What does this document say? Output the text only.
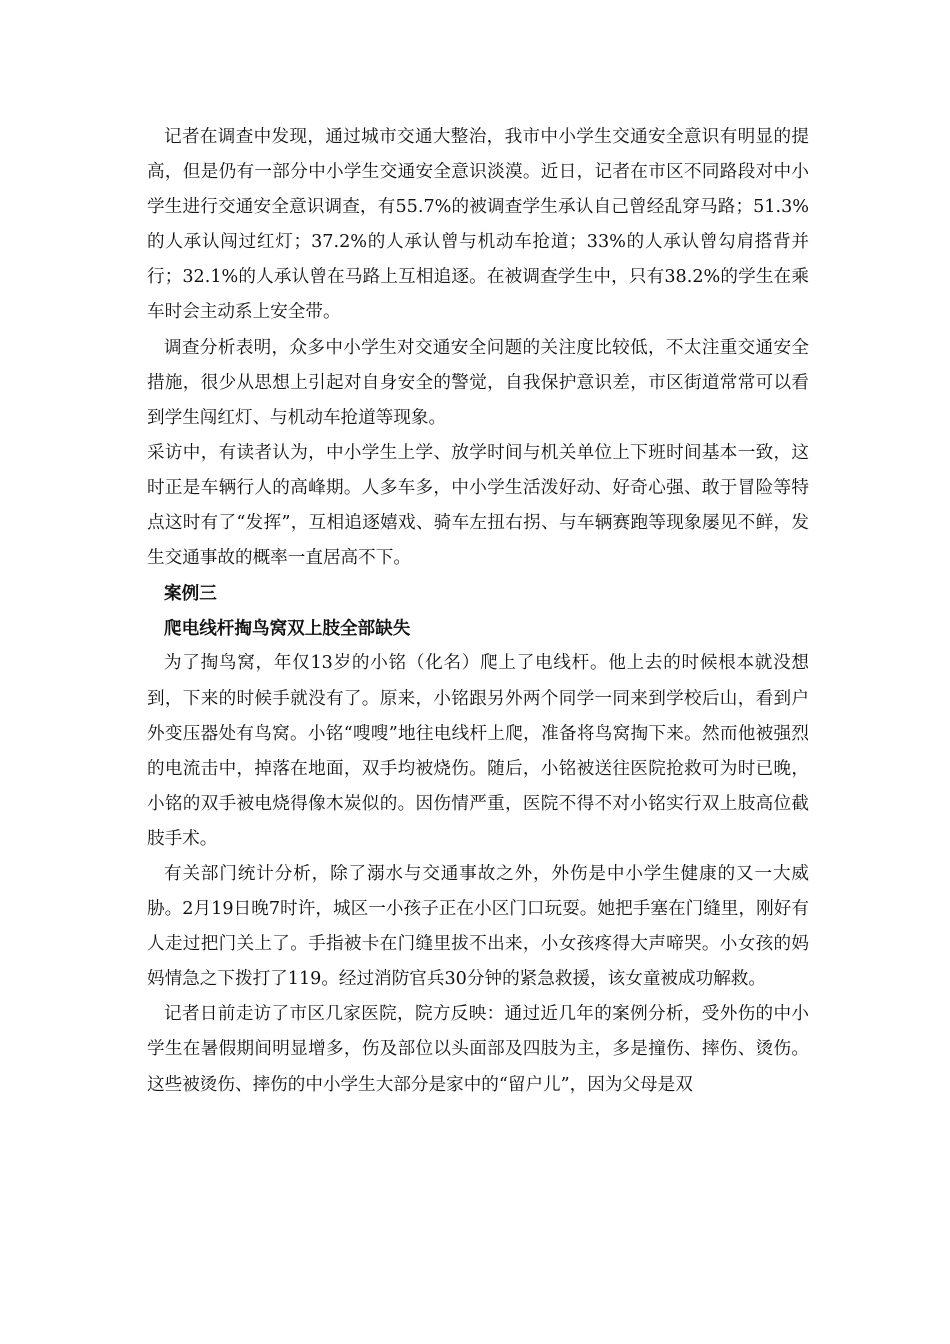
记者在调查中发现，通过城市交通大整治，我市中小学生交通安全意识有明显的提高，但是仍有一部分中小学生交通安全意识淡漠。近日，记者在市区不同路段对中小学生进行交通安全意识调查，有55.7%的被调查学生承认自己曾经乱穿马路；51.3%的人承认闯过红灯；37.2%的人承认曾与机动车抢道；33%的人承认曾勾肩搭背并行；32.1%的人承认曾在马路上互相追逐。在被调查学生中，只有38.2%的学生在乘车时会主动系上安全带。

调查分析表明，众多中小学生对交通安全问题的关注度比较低，不太注重交通安全措施，很少从思想上引起对自身安全的警觉，自我保护意识差，市区街道常常可以看到学生闯红灯、与机动车抢道等现象。

采访中，有读者认为，中小学生上学、放学时间与机关单位上下班时间基本一致，这时正是车辆行人的高峰期。人多车多，中小学生活泼好动、好奇心强、敢于冒险等特点这时有了“发挥”，互相追逐嬉戏、骑车左扭右拐、与车辆赛跑等现象屡见不鲜，发生交通事故的概率一直居高不下。

案例三

爬电线杆掏鸟窝双上肢全部缺失

为了掏鸟窝，年仅13岁的小铭（化名）爬上了电线杆。他上去的时候根本就没想到，下来的时候手就没有了。原来，小铭跟另外两个同学一同来到学校后山，看到户外变压器处有鸟窝。小铭“嗖嗖”地往电线杆上爬，准备将鸟窝掏下来。然而他被强烈的电流击中，掉落在地面，双手均被烧伤。随后，小铭被送往医院抢救可为时已晚，小铭的双手被电烧得像木炭似的。因伤情严重，医院不得不对小铭实行双上肢高位截肢手术。

有关部门统计分析，除了溺水与交通事故之外，外伤是中小学生健康的又一大威胁。2月19日晚7时许，城区一小孩子正在小区门口玩耍。她把手塞在门缝里，刚好有人走过把门关上了。手指被卡在门缝里拔不出来，小女孩疼得大声啼哭。小女孩的妈妈情急之下拨打了119。经过消防官兵30分钟的紧急救援，该女童被成功解救。

记者日前走访了市区几家医院，院方反映：通过近几年的案例分析，受外伤的中小学生在暑假期间明显增多，伤及部位以头面部及四肢为主，多是撞伤、摔伤、烫伤。这些被烫伤、摔伤的中小学生大部分是家中的“留户儿”，因为父母是双
